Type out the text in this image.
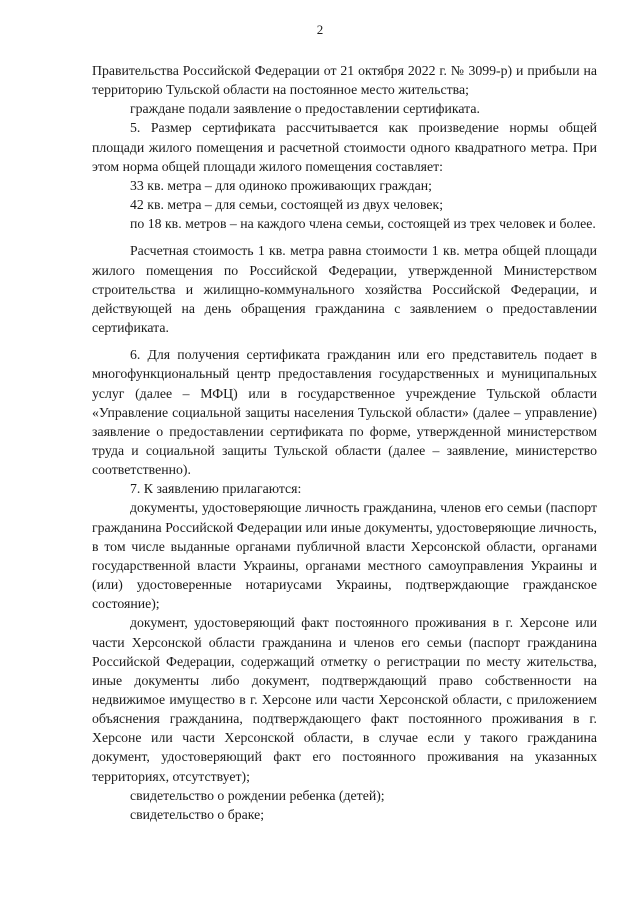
2

Правительства Российской Федерации от 21 октября 2022 г. № 3099-р) и прибыли на территорию Тульской области на постоянное место жительства;

граждане подали заявление о предоставлении сертификата.

5. Размер сертификата рассчитывается как произведение нормы общей площади жилого помещения и расчетной стоимости одного квадратного метра. При этом норма общей площади жилого помещения составляет:

33 кв. метра – для одиноко проживающих граждан;

42 кв. метра – для семьи, состоящей из двух человек;

по 18 кв. метров – на каждого члена семьи, состоящей из трех человек и более.

Расчетная стоимость 1 кв. метра равна стоимости 1 кв. метра общей площади жилого помещения по Российской Федерации, утвержденной Министерством строительства и жилищно-коммунального хозяйства Российской Федерации, и действующей на день обращения гражданина с заявлением о предоставлении сертификата.

6. Для получения сертификата гражданин или его представитель подает в многофункциональный центр предоставления государственных и муниципальных услуг (далее – МФЦ) или в государственное учреждение Тульской области «Управление социальной защиты населения Тульской области» (далее – управление) заявление о предоставлении сертификата по форме, утвержденной министерством труда и социальной защиты Тульской области (далее – заявление, министерство соответственно).

7. К заявлению прилагаются:

документы, удостоверяющие личность гражданина, членов его семьи (паспорт гражданина Российской Федерации или иные документы, удостоверяющие личность, в том числе выданные органами публичной власти Херсонской области, органами государственной власти Украины, органами местного самоуправления Украины и (или) удостоверенные нотариусами Украины, подтверждающие гражданское состояние);

документ, удостоверяющий факт постоянного проживания в г. Херсоне или части Херсонской области гражданина и членов его семьи (паспорт гражданина Российской Федерации, содержащий отметку о регистрации по месту жительства, иные документы либо документ, подтверждающий право собственности на недвижимое имущество в г. Херсоне или части Херсонской области, с приложением объяснения гражданина, подтверждающего факт постоянного проживания в г. Херсоне или части Херсонской области, в случае если у такого гражданина документ, удостоверяющий факт его постоянного проживания на указанных территориях, отсутствует);

свидетельство о рождении ребенка (детей);

свидетельство о браке;
